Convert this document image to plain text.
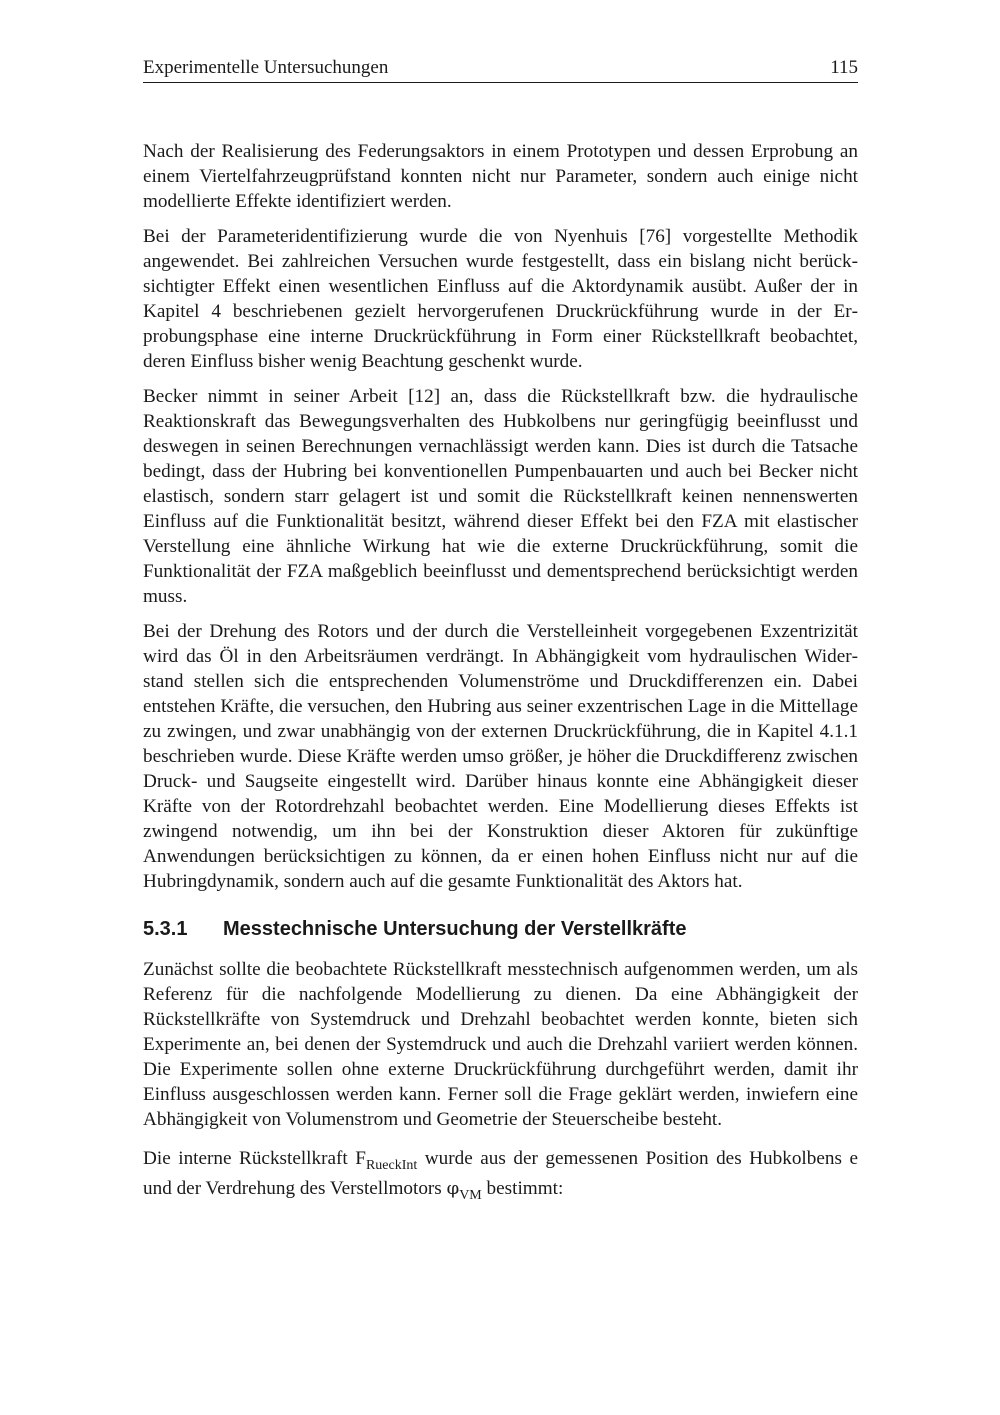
Experimentelle Untersuchungen	115

Nach der Realisierung des Federungsaktors in einem Prototypen und dessen Erprobung an einem Viertelfahrzeugprüfstand konnten nicht nur Parameter, sondern auch einige nicht modellierte Effekte identifiziert werden.

Bei der Parameteridentifizierung wurde die von Nyenhuis [76] vorgestellte Methodik angewendet. Bei zahlreichen Versuchen wurde festgestellt, dass ein bislang nicht berücksichtigter Effekt einen wesentlichen Einfluss auf die Aktordynamik ausübt. Außer der in Kapitel 4 beschriebenen gezielt hervorgerufenen Druckrückführung wurde in der Erprobungsphase eine interne Druckrückführung in Form einer Rückstellkraft beobachtet, deren Einfluss bisher wenig Beachtung geschenkt wurde.

Becker nimmt in seiner Arbeit [12] an, dass die Rückstellkraft bzw. die hydraulische Reaktionskraft das Bewegungsverhalten des Hubkolbens nur geringfügig beeinflusst und deswegen in seinen Berechnungen vernachlässigt werden kann. Dies ist durch die Tatsache bedingt, dass der Hubring bei konventionellen Pumpenbauarten und auch bei Becker nicht elastisch, sondern starr gelagert ist und somit die Rückstellkraft keinen nennenswerten Einfluss auf die Funktionalität besitzt, während dieser Effekt bei den FZA mit elastischer Verstellung eine ähnliche Wirkung hat wie die externe Druckrückführung, somit die Funktionalität der FZA maßgeblich beeinflusst und dementsprechend berücksichtigt werden muss.

Bei der Drehung des Rotors und der durch die Verstelleinheit vorgegebenen Exzentrizität wird das Öl in den Arbeitsräumen verdrängt. In Abhängigkeit vom hydraulischen Widerstand stellen sich die entsprechenden Volumenströme und Druckdifferenzen ein. Dabei entstehen Kräfte, die versuchen, den Hubring aus seiner exzentrischen Lage in die Mittellage zu zwingen, und zwar unabhängig von der externen Druckrückführung, die in Kapitel 4.1.1 beschrieben wurde. Diese Kräfte werden umso größer, je höher die Druckdifferenz zwischen Druck- und Saugseite eingestellt wird. Darüber hinaus konnte eine Abhängigkeit dieser Kräfte von der Rotordrehzahl beobachtet werden. Eine Modellierung dieses Effekts ist zwingend notwendig, um ihn bei der Konstruktion dieser Aktoren für zukünftige Anwendungen berücksichtigen zu können, da er einen hohen Einfluss nicht nur auf die Hubringdynamik, sondern auch auf die gesamte Funktionalität des Aktors hat.

5.3.1 Messtechnische Untersuchung der Verstellkräfte

Zunächst sollte die beobachtete Rückstellkraft messtechnisch aufgenommen werden, um als Referenz für die nachfolgende Modellierung zu dienen. Da eine Abhängigkeit der Rückstellkräfte von Systemdruck und Drehzahl beobachtet werden konnte, bieten sich Experimente an, bei denen der Systemdruck und auch die Drehzahl variiert werden können. Die Experimente sollen ohne externe Druckrückführung durchgeführt werden, damit ihr Einfluss ausgeschlossen werden kann. Ferner soll die Frage geklärt werden, inwiefern eine Abhängigkeit von Volumenstrom und Geometrie der Steuerscheibe besteht.

Die interne Rückstellkraft $F_{RueckInt}$ wurde aus der gemessenen Position des Hubkolbens e und der Verdrehung des Verstellmotors $\varphi_{VM}$ bestimmt:
